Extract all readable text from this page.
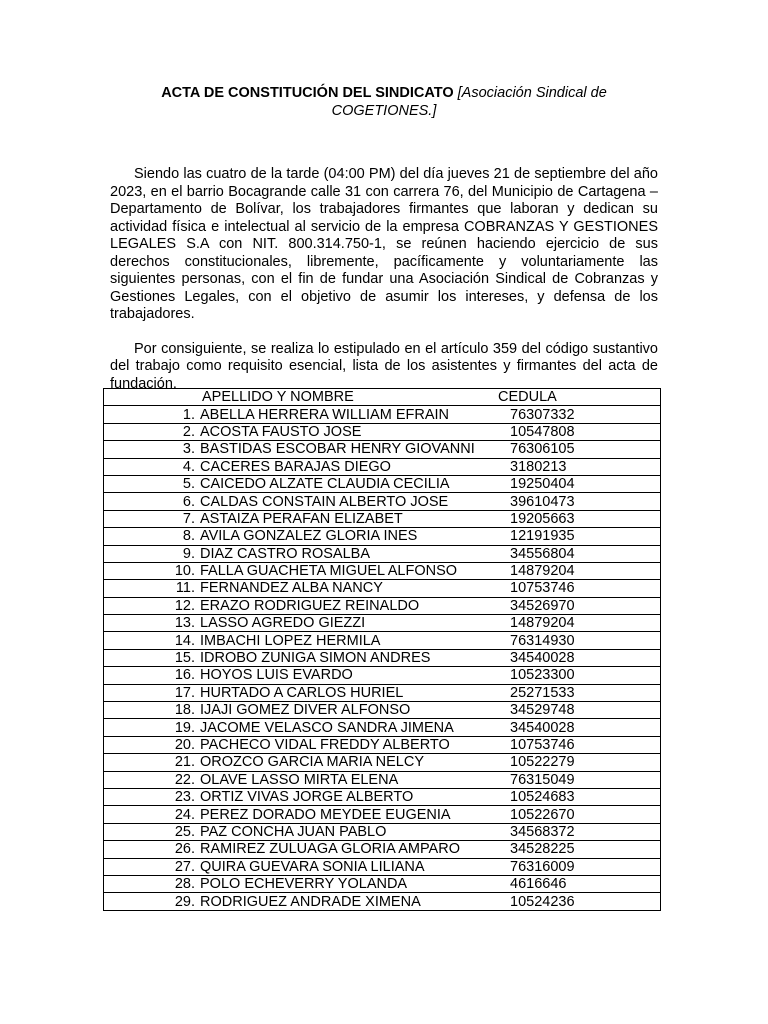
ACTA DE CONSTITUCIÓN DEL SINDICATO [Asociación Sindical de COGETIONES.]

Siendo las cuatro de la tarde (04:00 PM) del día jueves 21 de septiembre del año 2023, en el barrio Bocagrande calle 31 con carrera 76, del Municipio de Cartagena – Departamento de Bolívar, los trabajadores firmantes que laboran y dedican su actividad física e intelectual al servicio de la empresa COBRANZAS Y GESTIONES LEGALES S.A con NIT. 800.314.750-1, se reúnen haciendo ejercicio de sus derechos constitucionales, libremente, pacíficamente y voluntariamente las siguientes personas, con el fin de fundar una Asociación Sindical de Cobranzas y Gestiones Legales, con el objetivo de asumir los intereses, y defensa de los trabajadores.

Por consiguiente, se realiza lo estipulado en el artículo 359 del código sustantivo del trabajo como requisito esencial, lista de los asistentes y firmantes del acta de fundación.

APELLIDO Y NOMBRE	CEDULA
1. ABELLA HERRERA WILLIAM EFRAIN	76307332
2. ACOSTA FAUSTO JOSE	10547808
3. BASTIDAS ESCOBAR HENRY GIOVANNI 76306105
4. CACERES BARAJAS DIEGO	3180213
5. CAICEDO ALZATE CLAUDIA CECILIA	19250404
6. CALDAS CONSTAIN ALBERTO JOSE	39610473
7. ASTAIZA PERAFAN ELIZABET	19205663
8. AVILA GONZALEZ GLORIA INES	12191935
9. DIAZ CASTRO ROSALBA	34556804
10. FALLA GUACHETA MIGUEL ALFONSO	14879204
11. FERNANDEZ ALBA NANCY	10753746
12. ERAZO RODRIGUEZ REINALDO	34526970
13. LASSO AGREDO GIEZZI	14879204
14. IMBACHI LOPEZ HERMILA	76314930
15. IDROBO ZUNIGA SIMON ANDRES	34540028
16. HOYOS LUIS EVARDO	10523300
17. HURTADO A CARLOS HURIEL	25271533
18. IJAJI GOMEZ DIVER ALFONSO	34529748
19. JACOME VELASCO SANDRA JIMENA	34540028
20. PACHECO VIDAL FREDDY ALBERTO	10753746
21. OROZCO GARCIA MARIA NELCY	10522279
22. OLAVE LASSO MIRTA ELENA	76315049
23. ORTIZ VIVAS JORGE ALBERTO	10524683
24. PEREZ DORADO MEYDEE EUGENIA	10522670
25. PAZ CONCHA JUAN PABLO	34568372
26. RAMIREZ ZULUAGA GLORIA AMPARO	34528225
27. QUIRA GUEVARA SONIA LILIANA	76316009
28. POLO ECHEVERRY YOLANDA	4616646
29. RODRIGUEZ ANDRADE XIMENA	10524236
